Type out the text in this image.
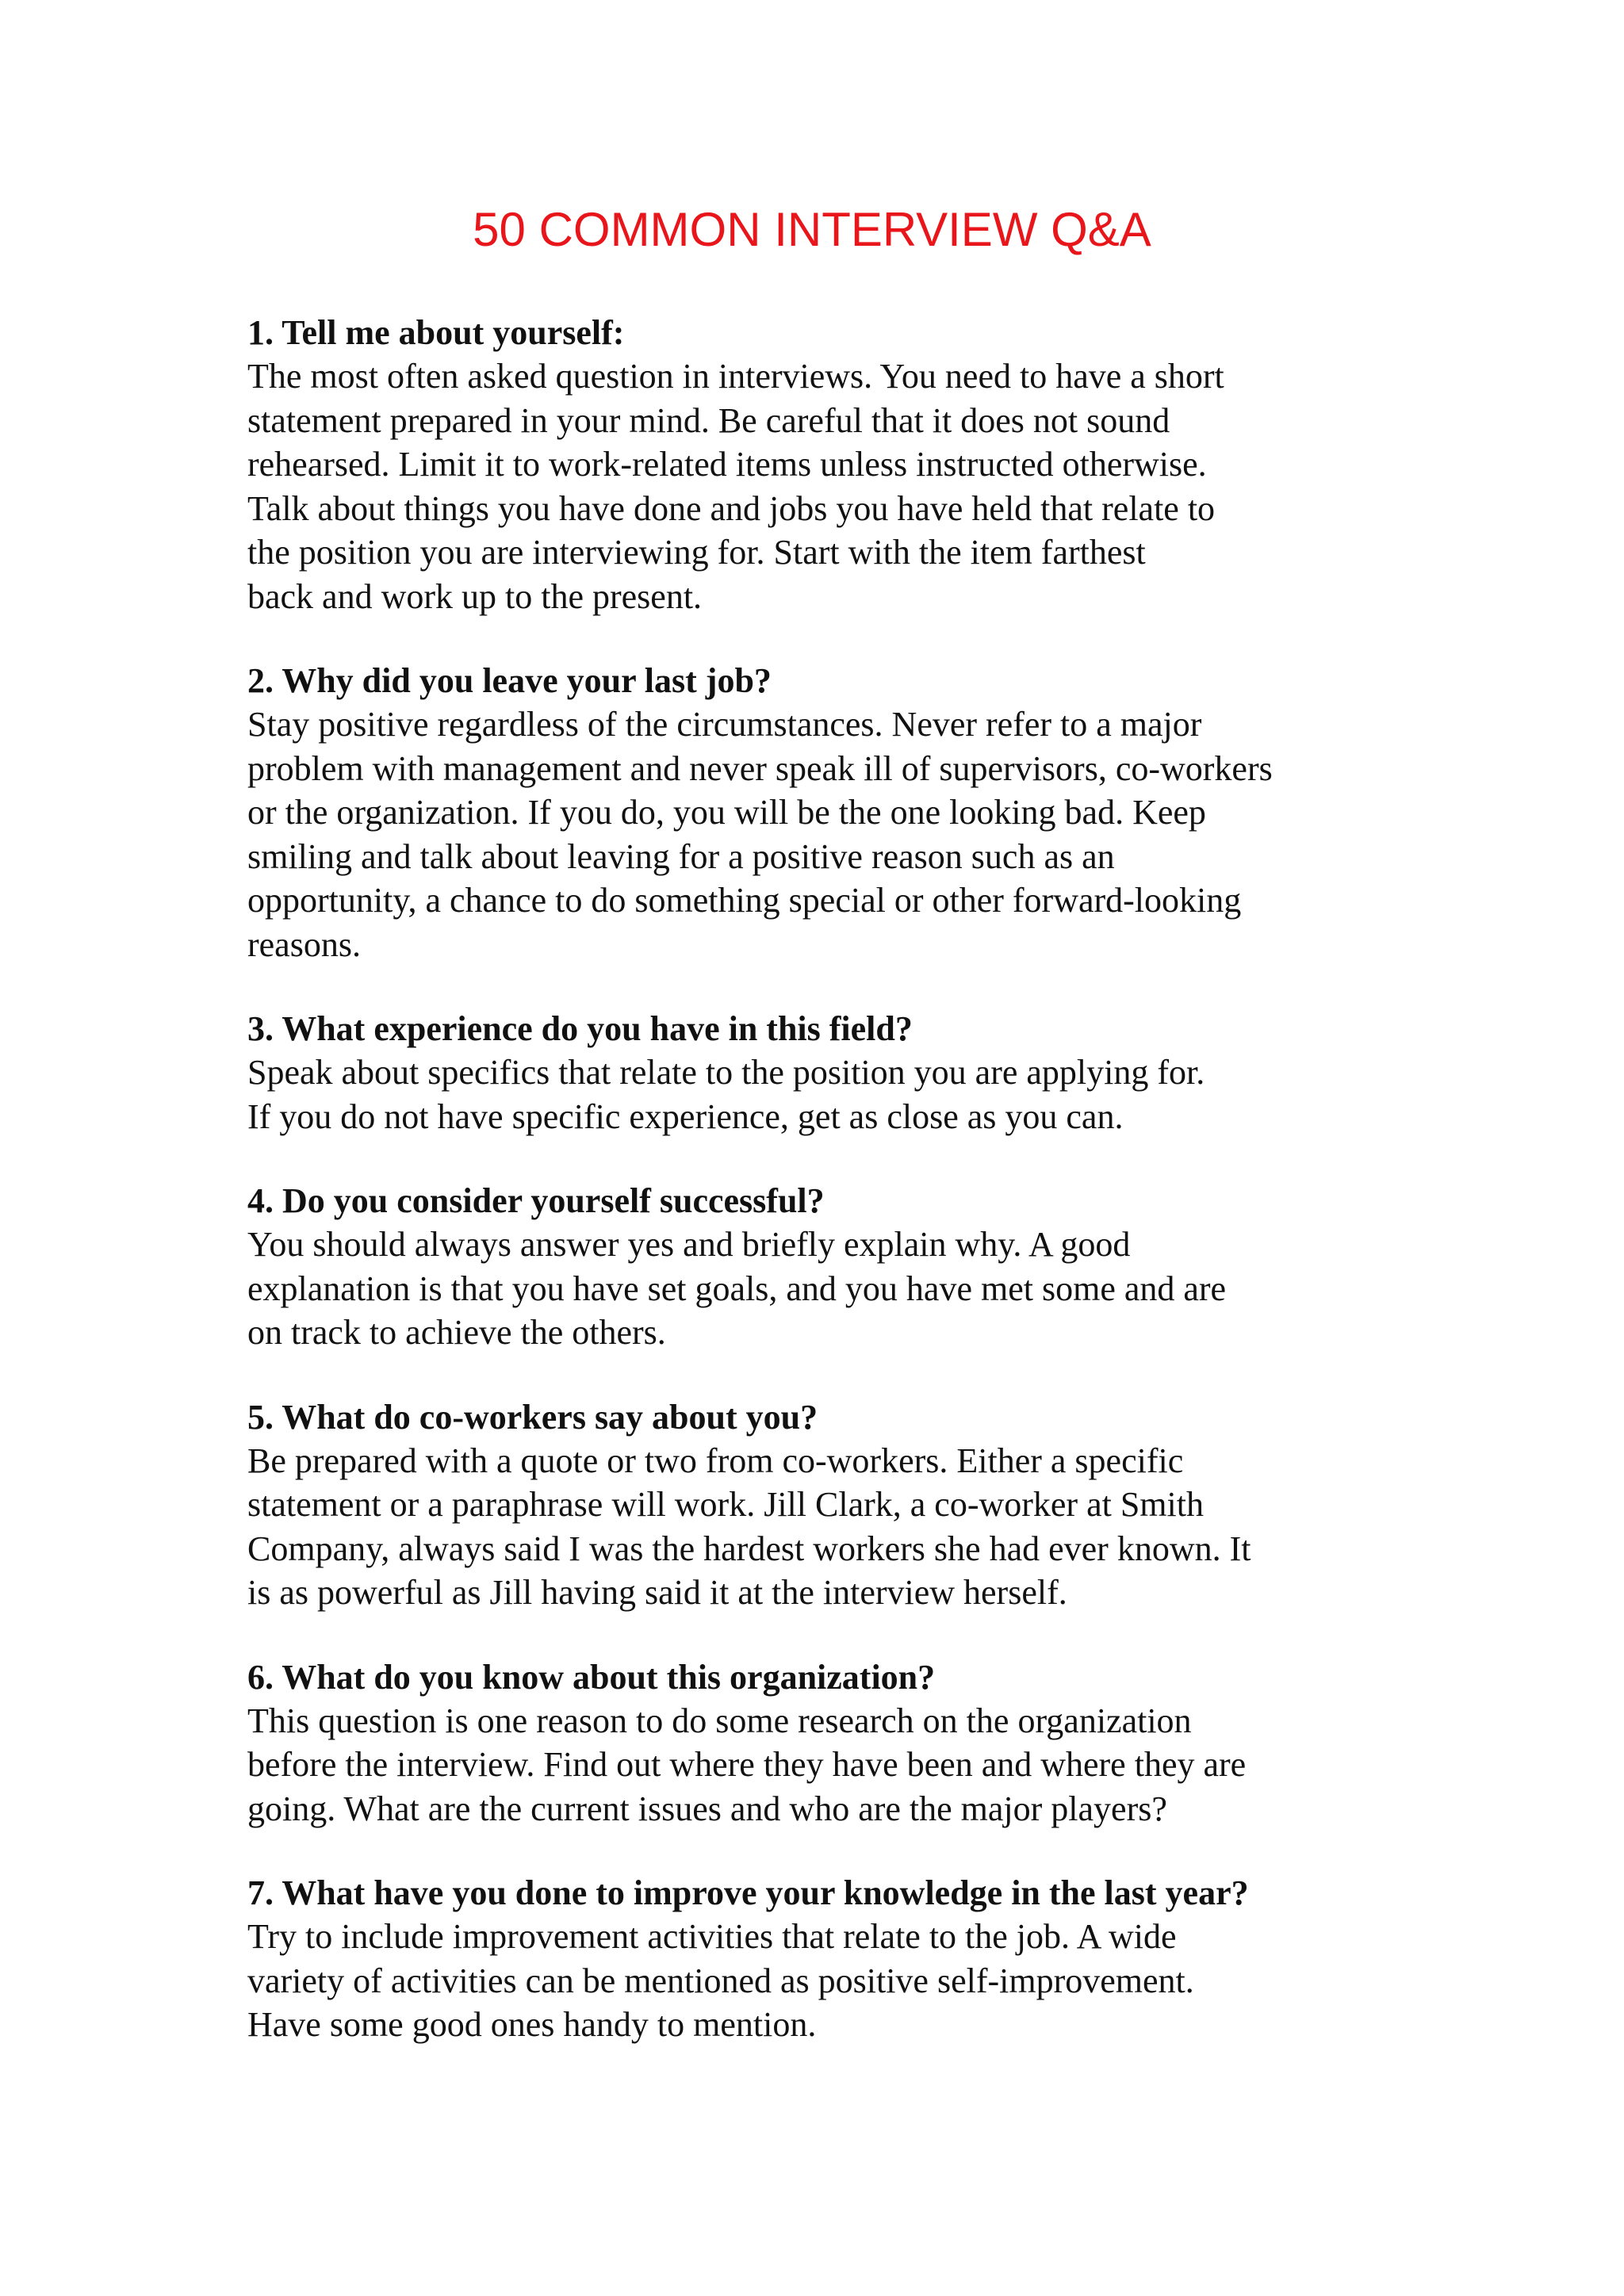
50 COMMON INTERVIEW Q&A

1. Tell me about yourself:

The most often asked question in interviews. You need to have a short
statement prepared in your mind. Be careful that it does not sound
rehearsed. Limit it to work-related items unless instructed otherwise.
Talk about things you have done and jobs you have held that relate to
the position you are interviewing for. Start with the item farthest
back and work up to the present.

2. Why did you leave your last job?

Stay positive regardless of the circumstances. Never refer to a major
problem with management and never speak ill of supervisors, co-workers
or the organization. If you do, you will be the one looking bad. Keep
smiling and talk about leaving for a positive reason such as an
opportunity, a chance to do something special or other forward-looking
reasons.

3. What experience do you have in this field?

Speak about specifics that relate to the position you are applying for.
If you do not have specific experience, get as close as you can.

4. Do you consider yourself successful?

You should always answer yes and briefly explain why. A good
explanation is that you have set goals, and you have met some and are
on track to achieve the others.

5. What do co-workers say about you?

Be prepared with a quote or two from co-workers. Either a specific
statement or a paraphrase will work. Jill Clark, a co-worker at Smith
Company, always said I was the hardest workers she had ever known. It
is as powerful as Jill having said it at the interview herself.

6. What do you know about this organization?

This question is one reason to do some research on the organization
before the interview. Find out where they have been and where they are
going. What are the current issues and who are the major players?

7. What have you done to improve your knowledge in the last year?

Try to include improvement activities that relate to the job. A wide
variety of activities can be mentioned as positive self-improvement.
Have some good ones handy to mention.
